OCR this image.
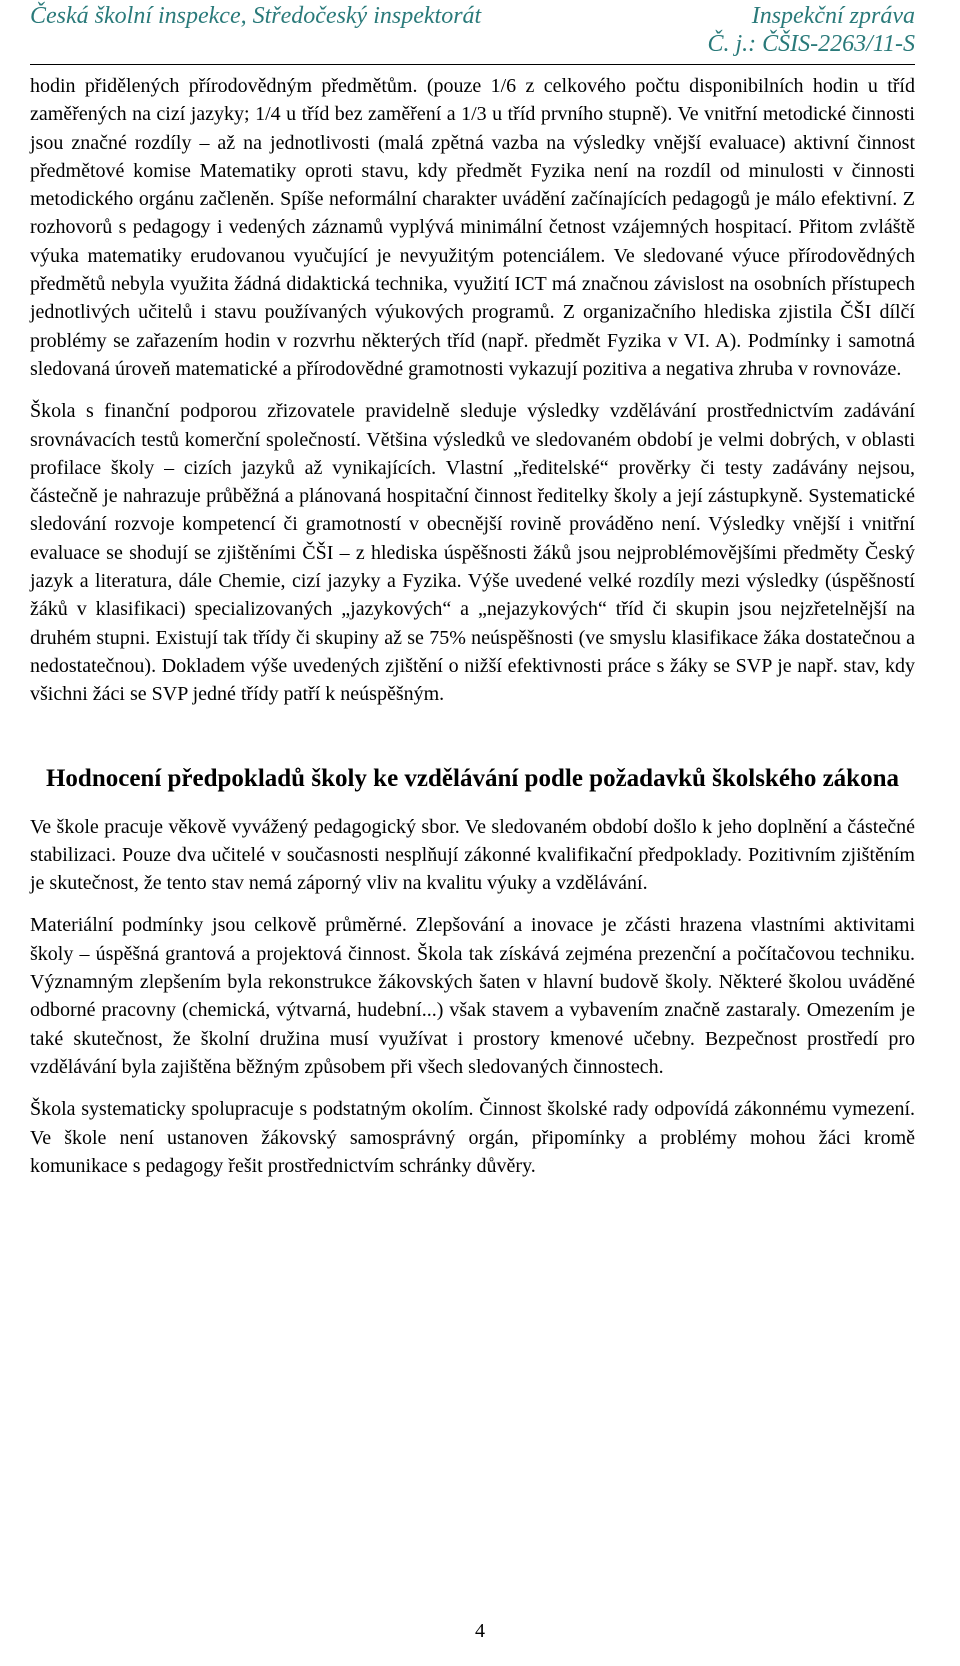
Česká školní inspekce, Středočeský inspektorát	Inspekční zpráva
Č. j.: ČŠIS-2263/11-S

hodin přidělených přírodovědným předmětům. (pouze 1/6 z celkového počtu disponibilních hodin u tříd zaměřených na cizí jazyky; 1/4 u tříd bez zaměření a 1/3 u tříd prvního stupně). Ve vnitřní metodické činnosti jsou značné rozdíly – až na jednotlivosti (malá zpětná vazba na výsledky vnější evaluace) aktivní činnost předmětové komise Matematiky oproti stavu, kdy předmět Fyzika není na rozdíl od minulosti v činnosti metodického orgánu začleněn. Spíše neformální charakter uvádění začínajících pedagogů je málo efektivní. Z rozhovorů s pedagogy i vedených záznamů vyplývá minimální četnost vzájemných hospitací. Přitom zvláště výuka matematiky erudovanou vyučující je nevyužitým potenciálem. Ve sledované výuce přírodovědných předmětů nebyla využita žádná didaktická technika, využití ICT má značnou závislost na osobních přístupech jednotlivých učitelů i stavu používaných výukových programů. Z organizačního hlediska zjistila ČŠI dílčí problémy se zařazením hodin v rozvrhu některých tříd (např. předmět Fyzika v VI. A). Podmínky i samotná sledovaná úroveň matematické a přírodovědné gramotnosti vykazují pozitiva a negativa zhruba v rovnováze.

Škola s finanční podporou zřizovatele pravidelně sleduje výsledky vzdělávání prostřednictvím zadávání srovnávacích testů komerční společností. Většina výsledků ve sledovaném období je velmi dobrých, v oblasti profilace školy – cizích jazyků až vynikajících. Vlastní „ředitelské“ prověrky či testy zadávány nejsou, částečně je nahrazuje průběžná a plánovaná hospitační činnost ředitelky školy a její zástupkyně. Systematické sledování rozvoje kompetencí či gramotností v obecnější rovině prováděno není. Výsledky vnější i vnitřní evaluace se shodují se zjištěními ČŠI – z hlediska úspěšnosti žáků jsou nejproblémovějšími předměty Český jazyk a literatura, dále Chemie, cizí jazyky a Fyzika. Výše uvedené velké rozdíly mezi výsledky (úspěšností žáků v klasifikaci) specializovaných „jazykových“ a „nejazykových“ tříd či skupin jsou nejzřetelnější na druhém stupni. Existují tak třídy či skupiny až se 75% neúspěšnosti (ve smyslu klasifikace žáka dostatečnou a nedostatečnou). Dokladem výše uvedených zjištění o nižší efektivnosti práce s žáky se SVP je např. stav, kdy všichni žáci se SVP jedné třídy patří k neúspěšným.

Hodnocení předpokladů školy ke vzdělávání podle požadavků školského zákona

Ve škole pracuje věkově vyvážený pedagogický sbor. Ve sledovaném období došlo k jeho doplnění a částečné stabilizaci. Pouze dva učitelé v současnosti nesplňují zákonné kvalifikační předpoklady. Pozitivním zjištěním je skutečnost, že tento stav nemá záporný vliv na kvalitu výuky a vzdělávání.

Materiální podmínky jsou celkově průměrné. Zlepšování a inovace je zčásti hrazena vlastními aktivitami školy – úspěšná grantová a projektová činnost. Škola tak získává zejména prezenční a počítačovou techniku. Významným zlepšením byla rekonstrukce žákovských šaten v hlavní budově školy. Některé školou uváděné odborné pracovny (chemická, výtvarná, hudební...) však stavem a vybavením značně zastaraly. Omezením je také skutečnost, že školní družina musí využívat i prostory kmenové učebny. Bezpečnost prostředí pro vzdělávání byla zajištěna běžným způsobem při všech sledovaných činnostech.

Škola systematicky spolupracuje s podstatným okolím. Činnost školské rady odpovídá zákonnému vymezení. Ve škole není ustanoven žákovský samosprávný orgán, připomínky a problémy mohou žáci kromě komunikace s pedagogy řešit prostřednictvím schránky důvěry.

4
